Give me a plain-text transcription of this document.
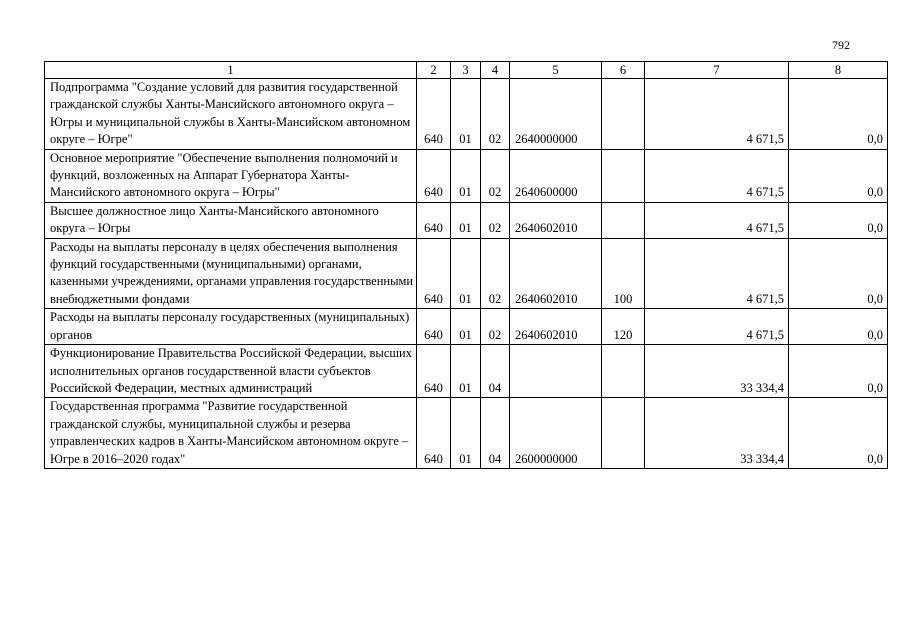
792
1	2	3	4	5	6	7	8
Подпрограмма "Создание условий для развития государственной гражданской службы Ханты-Мансийского автономного округа – Югры и муниципальной службы в Ханты-Мансийском автономном округе – Югре"	640	01	02	2640000000		4 671,5	0,0
Основное мероприятие "Обеспечение выполнения полномочий и функций, возложенных на Аппарат Губернатора Ханты-Мансийского автономного округа – Югры"	640	01	02	2640600000		4 671,5	0,0
Высшее должностное лицо Ханты-Мансийского автономного округа – Югры	640	01	02	2640602010		4 671,5	0,0
Расходы на выплаты персоналу в целях обеспечения выполнения функций государственными (муниципальными) органами, казенными учреждениями, органами управления государственными внебюджетными фондами	640	01	02	2640602010	100	4 671,5	0,0
Расходы на выплаты персоналу государственных (муниципальных) органов	640	01	02	2640602010	120	4 671,5	0,0
Функционирование Правительства Российской Федерации, высших исполнительных органов государственной власти субъектов Российской Федерации, местных администраций	640	01	04			33 334,4	0,0
Государственная программа "Развитие государственной гражданской службы, муниципальной службы и резерва управленческих кадров в Ханты-Мансийском автономном округе – Югре в 2016–2020 годах"	640	01	04	2600000000		33 334,4	0,0
